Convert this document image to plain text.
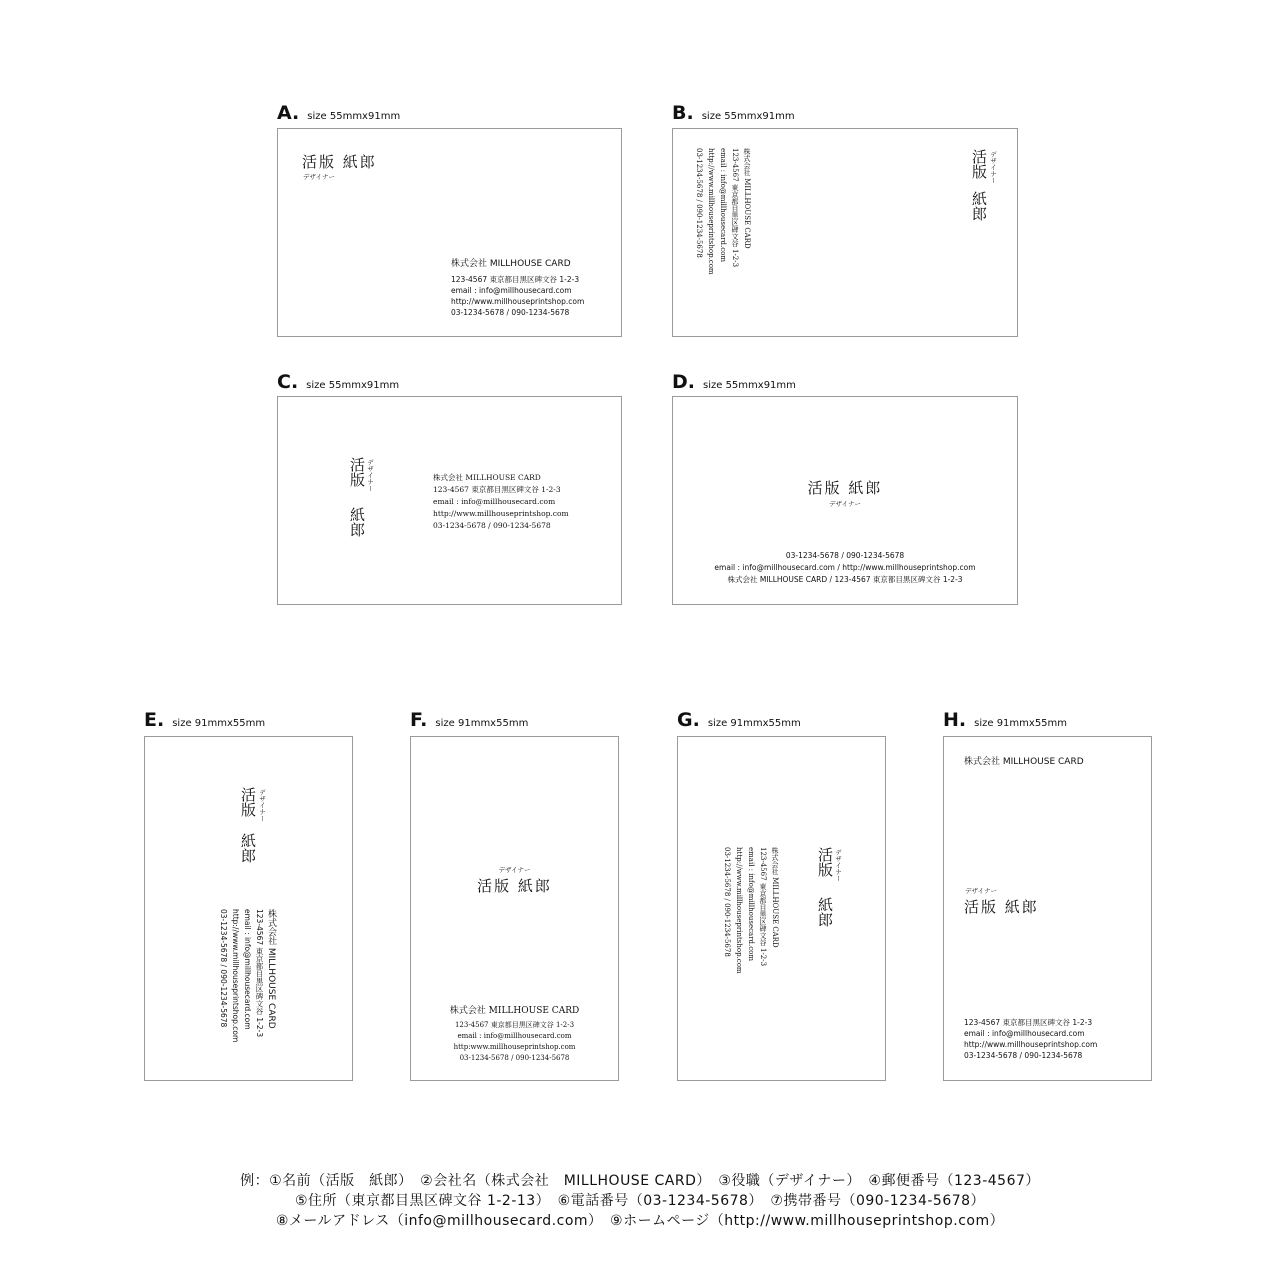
A. size 55mmx91mm
活版 紙郎
デザイナー
株式会社 MILLHOUSE CARD
123-4567 東京都目黒区碑文谷 1-2-3
email : info@millhousecard.com
http://www.millhouseprintshop.com
03-1234-5678 / 090-1234-5678
B. size 55mmx91mm
活版
紙郎
デザイナー
株式会社 MILLHOUSE CARD
123-4567 東京都目黒区碑文谷 1-2-3
email : info@millhousecard.com
http://www.millhouseprintshop.com
03-1234-5678 / 090-1234-5678
C. size 55mmx91mm
活版
紙郎
デザイナー	株式会社 MILLHOUSE CARD
123-4567 東京都目黒区碑文谷 1-2-3
email : info@millhousecard.com
http://www.millhouseprintshop.com
03-1234-5678 / 090-1234-5678
D. size 55mmx91mm
活版 紙郎
デザイナー
03-1234-5678 / 090-1234-5678
email : info@millhousecard.com / http://www.millhouseprintshop.com
株式会社 MILLHOUSE CARD / 123-4567 東京都目黒区碑文谷 1-2-3
E. size 91mmx55mm
活版
紙郎
デザイナー
株式会社 MILLHOUSE CARD
123-4567 東京都目黒区碑文谷 1-2-3
email : info@millhousecard.com
http://www.millhouseprintshop.com
03-1234-5678 / 090-1234-5678
F. size 91mmx55mm
デザイナー
活版 紙郎
株式会社 MILLHOUSE CARD
123-4567 東京都目黒区碑文谷 1-2-3
email : info@millhousecard.com
http:www.millhouseprintshop.com
03-1234-5678 / 090-1234-5678
G. size 91mmx55mm
活版
紙郎
デザイナー
株式会社 MILLHOUSE CARD
123-4567 東京都目黒区碑文谷 1-2-3
email : info@millhousecard.com
http://www.millhouseprintshop.com
03-1234-5678 / 090-1234-5678
H. size 91mmx55mm
株式会社 MILLHOUSE CARD
デザイナー
活版 紙郎
123-4567 東京都目黒区碑文谷 1-2-3
email : info@millhousecard.com
http://www.millhouseprintshop.com
03-1234-5678 / 090-1234-5678
例：①名前（活版　紙郎）　②会社名（株式会社　MILLHOUSE CARD）　③役職（デザイナー）　④郵便番号（123-4567）
⑤住所（東京都目黒区碑文谷 1-2-13）　⑥電話番号（03-1234-5678）　⑦携帯番号（090-1234-5678）
⑧メールアドレス（info@millhousecard.com）　⑨ホームページ（http://www.millhouseprintshop.com）
